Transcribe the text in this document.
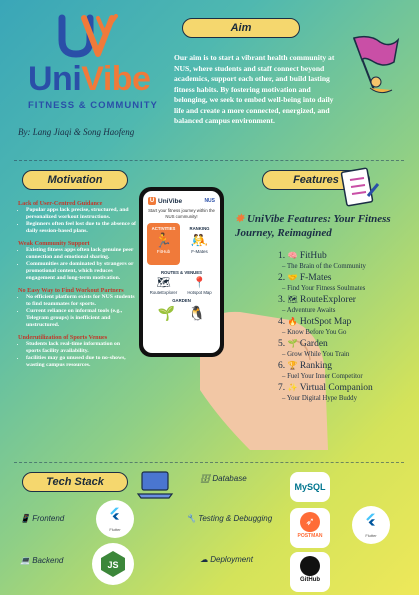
UniVibe
FITNESS & COMMUNITY
By: Lang Jiaqi & Song Haofeng
Aim
Our aim is to start a vibrant health community at NUS, where students and staff connect beyond academics, support each other, and build lasting fitness habits. By fostering motivation and belonging, we seek to embed well-being into daily life and create a more connected, energized, and balanced campus environment.
Motivation
Lack of User-Centred Guidance
• Popular apps lack precise, structured, and personalized workout instructions.
• Beginners often feel lost due to the absence of daily session-based plans.
Weak Community Support
• Existing fitness apps often lack genuine peer connection and emotional sharing.
• Communities are dominated by strangers or promotional content, which reduces engagement and long-term motivation.
No Easy Way to Find Workout Partners
• No efficient platform exists for NUS students to find teammates for sports.
• Current reliance on informal tools (e.g., Telegram groups) is inefficient and unstructured.
Underutilization of Sports Venues
• Students lack real-time information on sports facility availability.
• facilities may go unused due to no-shows, wasting campus resources.
U UniVibe	NUS
Start your fitness journey within the NUS community!
ACTIVITIES
🏃
FitHub
RANKING
🤼
F-Mates
ROUTES & VENUES
🗺
RouteExplorer
📍
Hotspot Map
GARDEN
🌱 🐧
Features
✸ UniVibe Features: Your Fitness Journey, Reimagined
1. 🧠 FitHub
– The Brain of the Community
2. 🤝 F-Mates
– Find Your Fitness Soulmates
3. 🗺 RouteExplorer
– Adventure Awaits
4. 🔥 HotSpot Map
– Know Before You Go
5. 🌱 Garden
– Grow While You Train
6. 🏆 Ranking
– Fuel Your Inner Competitor
7. ✨ Virtual Companion
– Your Digital Hype Buddy
Tech Stack
📱 Frontend
💻 Backend
🗄 Database
🔧 Testing & Debugging
☁ Deployment
Flutter
JS
MySQL
➶
POSTMAN	Flutter
GitHub
